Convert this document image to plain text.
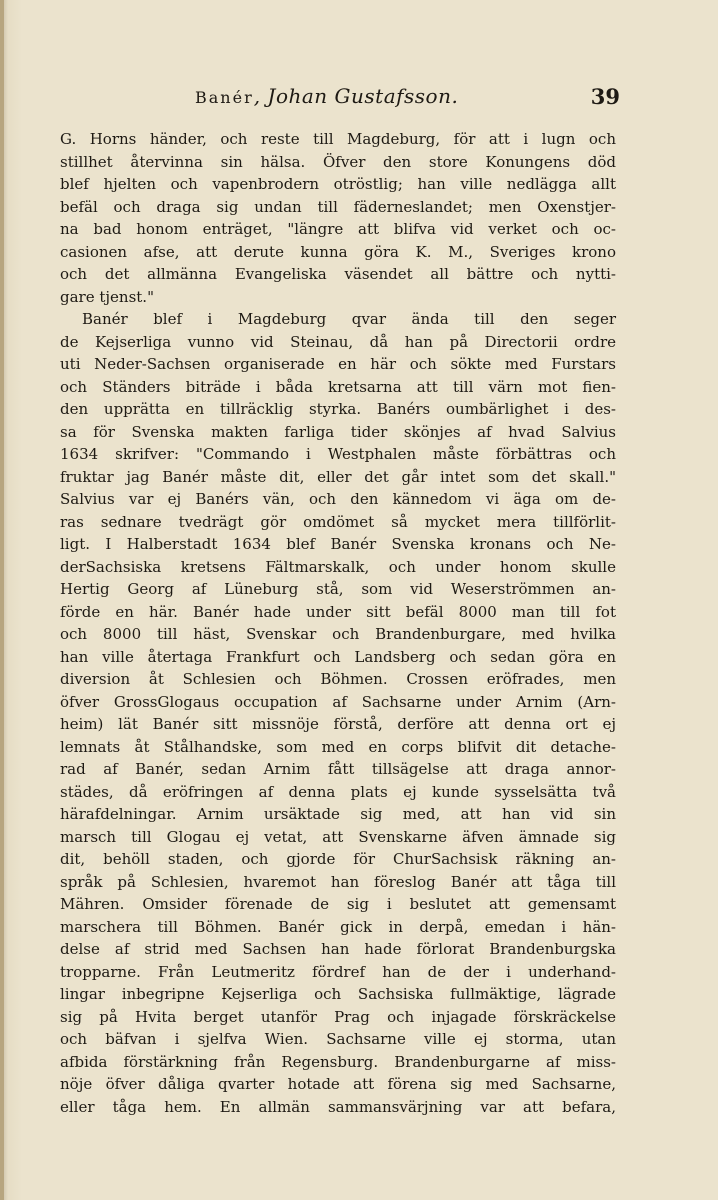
Banér, Johan Gustafsson.	39
G. Horns händer, och reste till Magdeburg, för att i lugn och
stillhet återvinna sin hälsa. Öfver den store Konungens död
blef hjelten och vapenbrodern otröstlig; han ville nedlägga allt
befäl och draga sig undan till fäderneslandet; men Oxenstjer-
na bad honom enträget, "längre att blifva vid verket och oc-
casionen afse, att derute kunna göra K. M., Sveriges krono
och det allmänna Evangeliska väsendet all bättre och nytti-
gare tjenst."
Banér blef i Magdeburg qvar ända till den seger
de Kejserliga vunno vid Steinau, då han på Directorii ordre
uti Neder-Sachsen organiserade en här och sökte med Furstars
och Ständers biträde i båda kretsarna att till värn mot fien-
den upprätta en tillräcklig styrka. Banérs oumbärlighet i des-
sa för Svenska makten farliga tider skönjes af hvad Salvius
1634 skrifver: "Commando i Westphalen måste förbättras och
fruktar jag Banér måste dit, eller det går intet som det skall."
Salvius var ej Banérs vän, och den kännedom vi äga om de-
ras sednare tvedrägt gör omdömet så mycket mera tillförlit-
ligt. I Halberstadt 1634 blef Banér Svenska kronans och Ne-
derSachsiska kretsens Fältmarskalk, och under honom skulle
Hertig Georg af Lüneburg stå, som vid Weserströmmen an-
förde en här. Banér hade under sitt befäl 8000 man till fot
och 8000 till häst, Svenskar och Brandenburgare, med hvilka
han ville återtaga Frankfurt och Landsberg och sedan göra en
diversion åt Schlesien och Böhmen. Crossen eröfrades, men
öfver GrossGlogaus occupation af Sachsarne under Arnim (Arn-
heim) lät Banér sitt missnöje förstå, derföre att denna ort ej
lemnats åt Stålhandske, som med en corps blifvit dit detache-
rad af Banér, sedan Arnim fått tillsägelse att draga annor-
städes, då eröfringen af denna plats ej kunde sysselsätta två
härafdelningar. Arnim ursäktade sig med, att han vid sin
marsch till Glogau ej vetat, att Svenskarne äfven ämnade sig
dit, behöll staden, och gjorde för ChurSachsisk räkning an-
språk på Schlesien, hvaremot han föreslog Banér att tåga till
Mähren. Omsider förenade de sig i beslutet att gemensamt
marschera till Böhmen. Banér gick in derpå, emedan i hän-
delse af strid med Sachsen han hade förlorat Brandenburgska
tropparne. Från Leutmeritz fördref han de der i underhand-
lingar inbegripne Kejserliga och Sachsiska fullmäktige, lägrade
sig på Hvita berget utanför Prag och injagade förskräckelse
och bäfvan i sjelfva Wien. Sachsarne ville ej storma, utan
afbida förstärkning från Regensburg. Brandenburgarne af miss-
nöje öfver dåliga qvarter hotade att förena sig med Sachsarne,
eller tåga hem. En allmän sammansvärjning var att befara,
